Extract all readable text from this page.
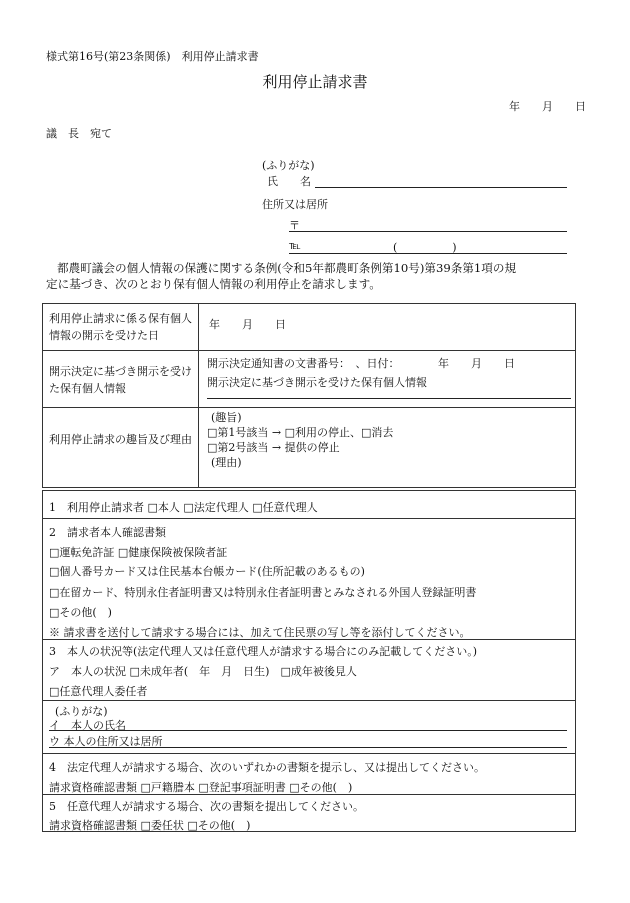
様式第16号(第23条関係)　利用停止請求書
利用停止請求書
年　　月　　日
議　長　宛て
(ふりがな)
氏　　名
住所又は居所
〒
℡	(　　　　　)
都農町議会の個人情報の保護に関する条例(令和5年都農町条例第10号)第39条第1項の規
定に基づき、次のとおり保有個人情報の利用停止を請求します。
利用停止請求に係る保有個人情報の開示を受けた日	年　　月　　日

開示決定に基づき開示を受けた保有個人情報	開示決定通知書の文書番号：　、日付：　　　　年　　月　　日
開示決定に基づき開示を受けた保有個人情報

利用停止請求の趣旨及び理由	(趣旨)
□第1号該当 → □利用の停止、□消去
□第2号該当 → 提供の停止
(理由)
1　利用停止請求者 □本人 □法定代理人 □任意代理人
2　請求者本人確認書類
□運転免許証 □健康保険被保険者証
□個人番号カード又は住民基本台帳カード(住所記載のあるもの)
□在留カード、特別永住者証明書又は特別永住者証明書とみなされる外国人登録証明書
□その他(　)
※ 請求書を送付して請求する場合には、加えて住民票の写し等を添付してください。
3　本人の状況等(法定代理人又は任意代理人が請求する場合にのみ記載してください。)
ア　本人の状況 □未成年者(　年　月　日生)　□成年被後見人
□任意代理人委任者
(ふりがな)
イ　本人の氏名
ウ 本人の住所又は居所
4　法定代理人が請求する場合、次のいずれかの書類を提示し、又は提出してください。
請求資格確認書類 □戸籍謄本 □登記事項証明書 □その他(　)
5　任意代理人が請求する場合、次の書類を提出してください。
請求資格確認書類 □委任状 □その他(　)
